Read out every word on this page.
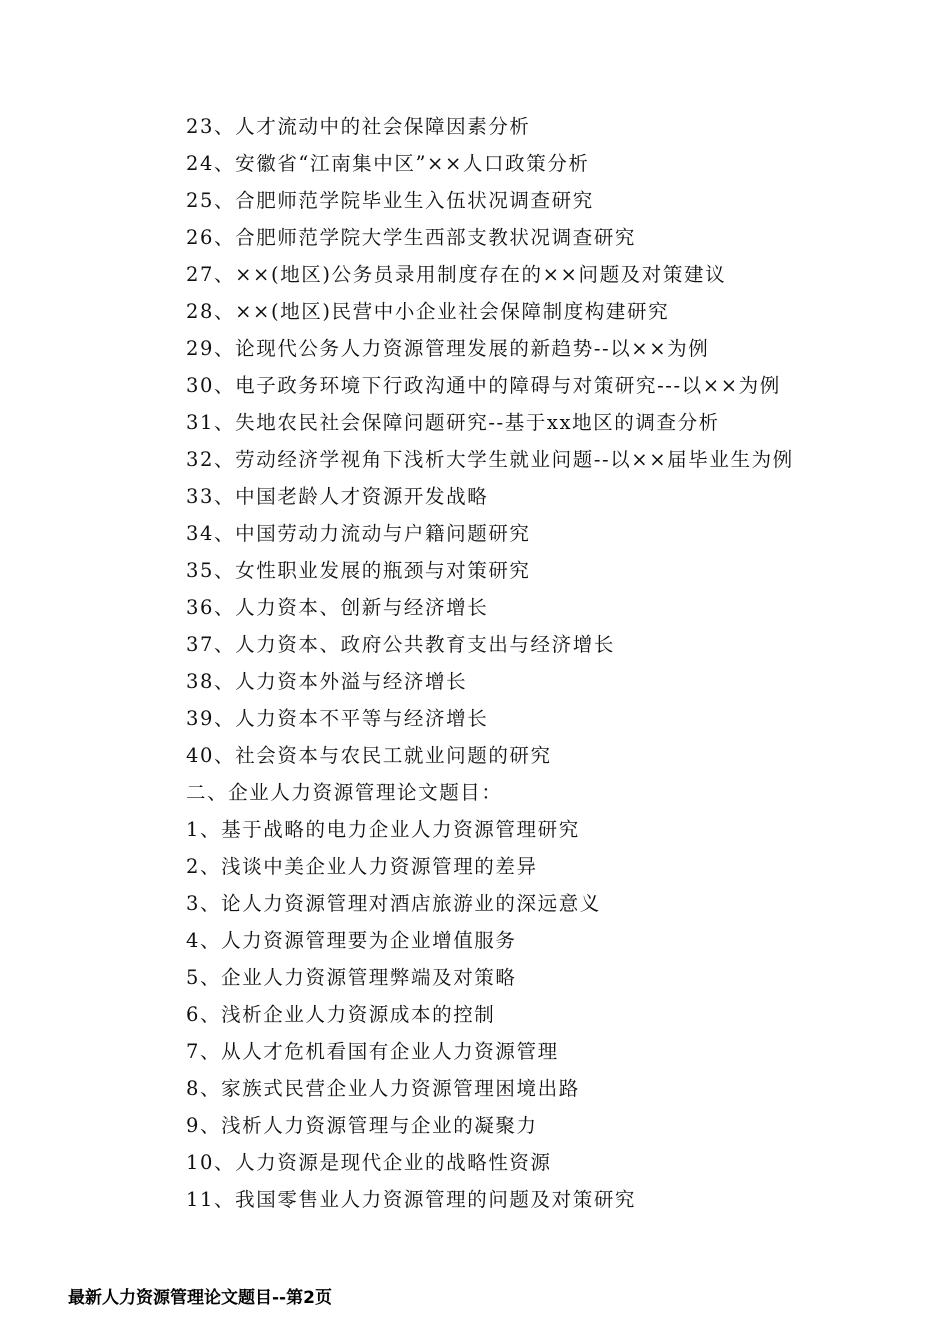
23、人才流动中的社会保障因素分析
24、安徽省“江南集中区”××人口政策分析
25、合肥师范学院毕业生入伍状况调查研究
26、合肥师范学院大学生西部支教状况调查研究
27、××(地区)公务员录用制度存在的××问题及对策建议
28、××(地区)民营中小企业社会保障制度构建研究
29、论现代公务人力资源管理发展的新趋势--以××为例
30、电子政务环境下行政沟通中的障碍与对策研究---以××为例
31、失地农民社会保障问题研究--基于xx地区的调查分析
32、劳动经济学视角下浅析大学生就业问题--以××届毕业生为例
33、中国老龄人才资源开发战略
34、中国劳动力流动与户籍问题研究
35、女性职业发展的瓶颈与对策研究
36、人力资本、创新与经济增长
37、人力资本、政府公共教育支出与经济增长
38、人力资本外溢与经济增长
39、人力资本不平等与经济增长
40、社会资本与农民工就业问题的研究
二、企业人力资源管理论文题目：
1、基于战略的电力企业人力资源管理研究
2、浅谈中美企业人力资源管理的差异
3、论人力资源管理对酒店旅游业的深远意义
4、人力资源管理要为企业增值服务
5、企业人力资源管理弊端及对策略
6、浅析企业人力资源成本的控制
7、从人才危机看国有企业人力资源管理
8、家族式民营企业人力资源管理困境出路
9、浅析人力资源管理与企业的凝聚力
10、人力资源是现代企业的战略性资源
11、我国零售业人力资源管理的问题及对策研究
最新人力资源管理论文题目--第2页
